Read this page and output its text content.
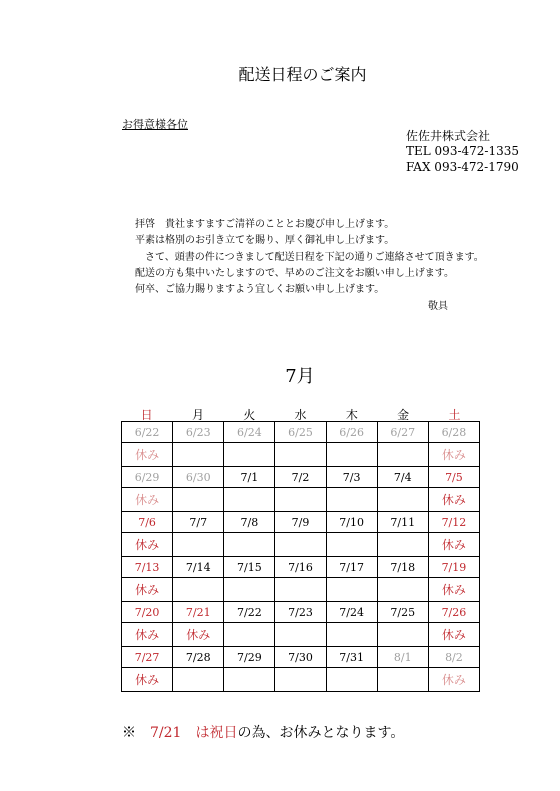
配送日程のご案内
お得意様各位
佐佐井株式会社
TEL 093-472-1335
FAX 093-472-1790
拝啓　貴社ますますご清祥のこととお慶び申し上げます。
平素は格別のお引き立てを賜り、厚く御礼申し上げます。
　さて、頭書の件につきまして配送日程を下記の通りご連絡させて頂きます。
配送の方も集中いたしますので、早めのご注文をお願い申し上げます。
何卒、ご協力賜りますよう宜しくお願い申し上げます。
敬具
7月
日	月	火	水	木	金	土
6/22	6/23	6/24	6/25	6/26	6/27	6/28
休み						休み
6/29	6/30	7/1	7/2	7/3	7/4	7/5
休み						休み
7/6	7/7	7/8	7/9	7/10	7/11	7/12
休み						休み
7/13	7/14	7/15	7/16	7/17	7/18	7/19
休み						休み
7/20	7/21	7/22	7/23	7/24	7/25	7/26
休み	休み					休み
7/27	7/28	7/29	7/30	7/31	8/1	8/2
休み						休み
※　 7/21　 は祝日の為、お休みとなります。
